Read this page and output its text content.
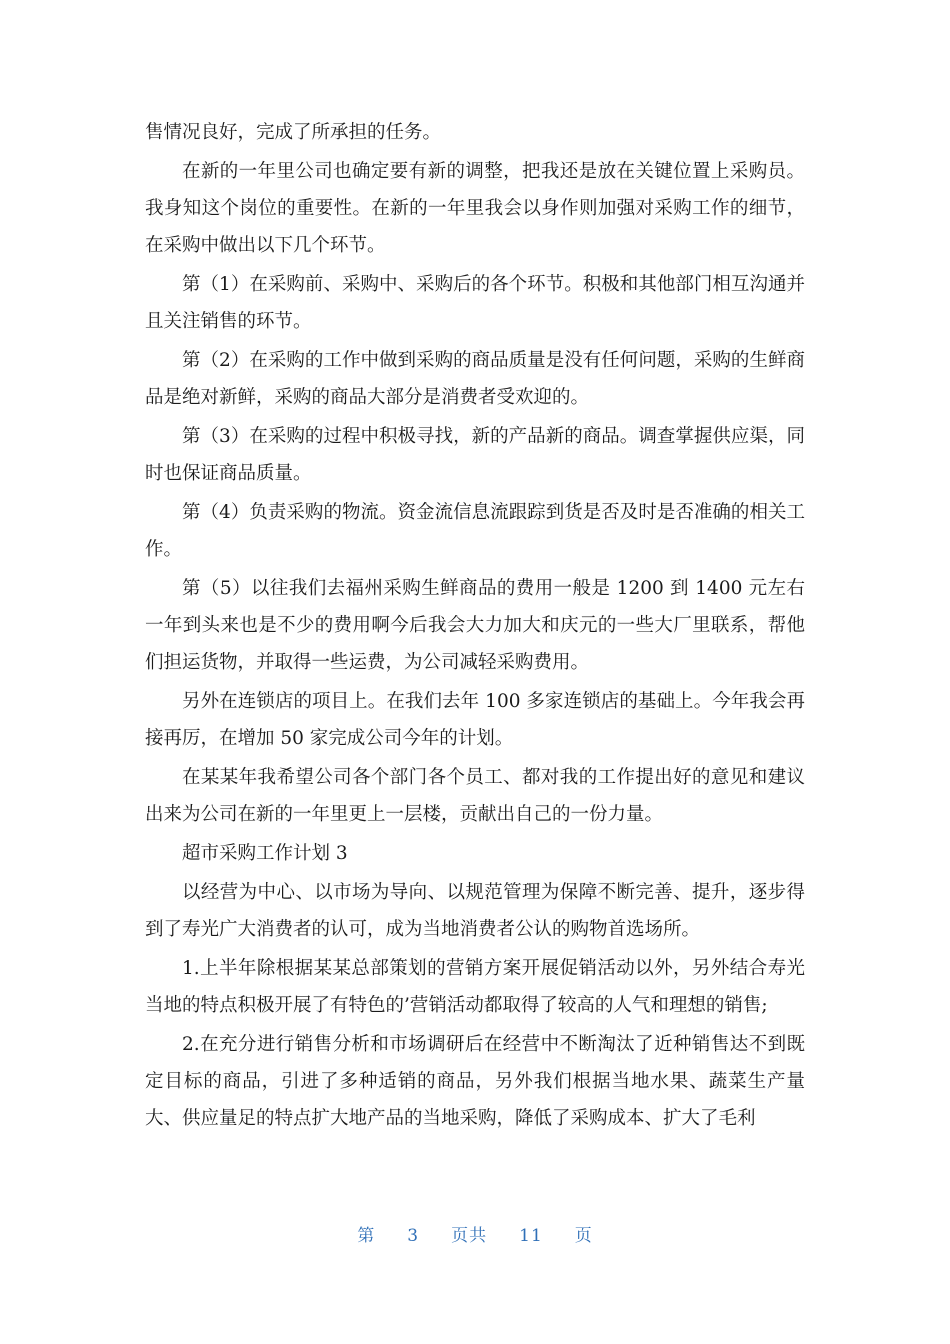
售情况良好，完成了所承担的任务。

在新的一年里公司也确定要有新的调整，把我还是放在关键位置上采购员。我身知这个岗位的重要性。在新的一年里我会以身作则加强对采购工作的细节，在采购中做出以下几个环节。

第（1）在采购前、采购中、采购后的各个环节。积极和其他部门相互沟通并且关注销售的环节。

第（2）在采购的工作中做到采购的商品质量是没有任何问题，采购的生鲜商品是绝对新鲜，采购的商品大部分是消费者受欢迎的。

第（3）在采购的过程中积极寻找，新的产品新的商品。调查掌握供应渠，同时也保证商品质量。

第（4）负责采购的物流。资金流信息流跟踪到货是否及时是否准确的相关工作。

第（5）以往我们去福州采购生鲜商品的费用一般是 1200 到 1400 元左右一年到头来也是不少的费用啊今后我会大力加大和庆元的一些大厂里联系，帮他们担运货物，并取得一些运费，为公司减轻采购费用。

另外在连锁店的项目上。在我们去年 100 多家连锁店的基础上。今年我会再接再厉，在增加 50 家完成公司今年的计划。

在某某年我希望公司各个部门各个员工、都对我的工作提出好的意见和建议出来为公司在新的一年里更上一层楼，贡献出自己的一份力量。

超市采购工作计划 3

以经营为中心、以市场为导向、以规范管理为保障不断完善、提升，逐步得到了寿光广大消费者的认可，成为当地消费者公认的购物首选场所。

1.上半年除根据某某总部策划的营销方案开展促销活动以外，另外结合寿光当地的特点积极开展了有特色的’营销活动都取得了较高的人气和理想的销售;

2.在充分进行销售分析和市场调研后在经营中不断淘汰了近种销售达不到既定目标的商品，引进了多种适销的商品，另外我们根据当地水果、蔬菜生产量大、供应量足的特点扩大地产品的当地采购，降低了采购成本、扩大了毛利

第 3 页共 11 页
